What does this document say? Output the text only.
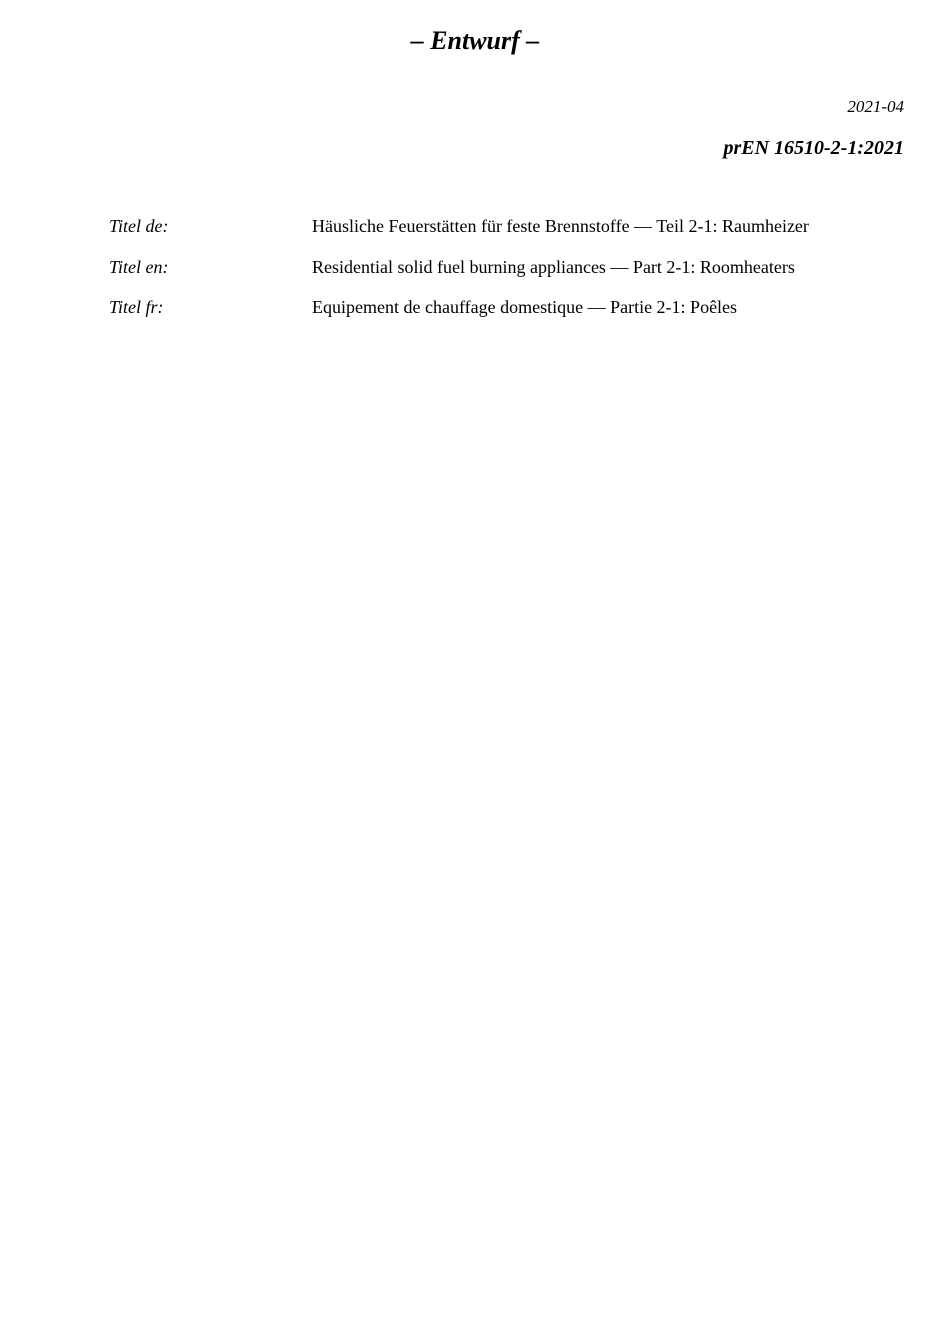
– Entwurf –
2021-04
prEN 16510-2-1:2021
Titel de:	Häusliche Feuerstätten für feste Brennstoffe — Teil 2-1: Raumheizer
Titel en:	Residential solid fuel burning appliances — Part 2-1: Roomheaters
Titel fr:	Equipement de chauffage domestique — Partie 2-1: Poêles
